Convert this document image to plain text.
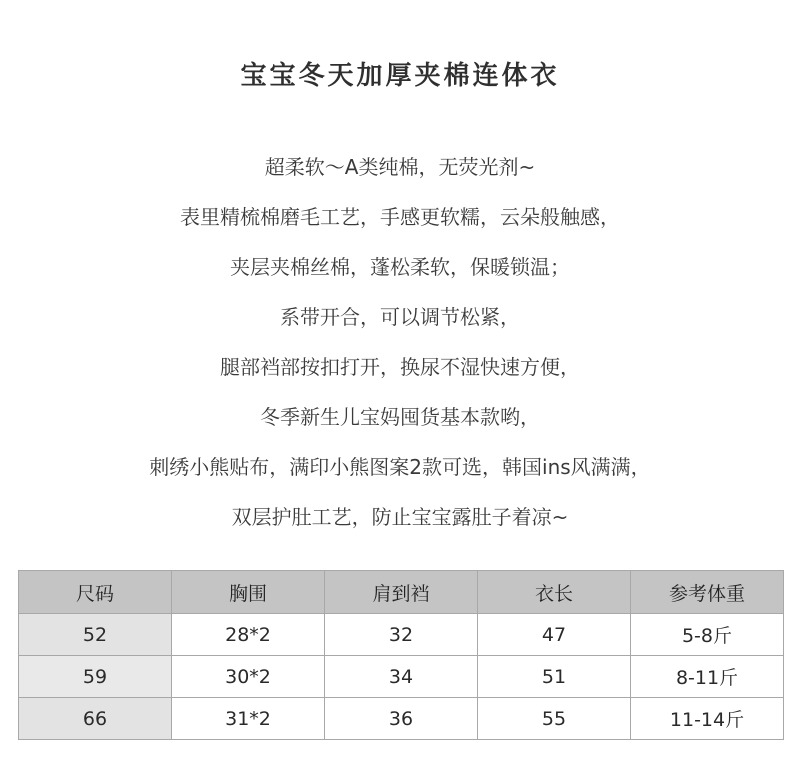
宝宝冬天加厚夹棉连体衣
超柔软～A类纯棉，无荧光剂~
表里精梳棉磨毛工艺，手感更软糯，云朵般触感，
夹层夹棉丝棉，蓬松柔软，保暖锁温；
系带开合，可以调节松紧，
腿部裆部按扣打开，换尿不湿快速方便，
冬季新生儿宝妈囤货基本款哟，
刺绣小熊贴布，满印小熊图案2款可选，韩国ins风满满，
双层护肚工艺，防止宝宝露肚子着凉~
尺码	胸围	肩到裆	衣长	参考体重
52	28*2	32	47	5-8斤
59	30*2	34	51	8-11斤
66	31*2	36	55	11-14斤
